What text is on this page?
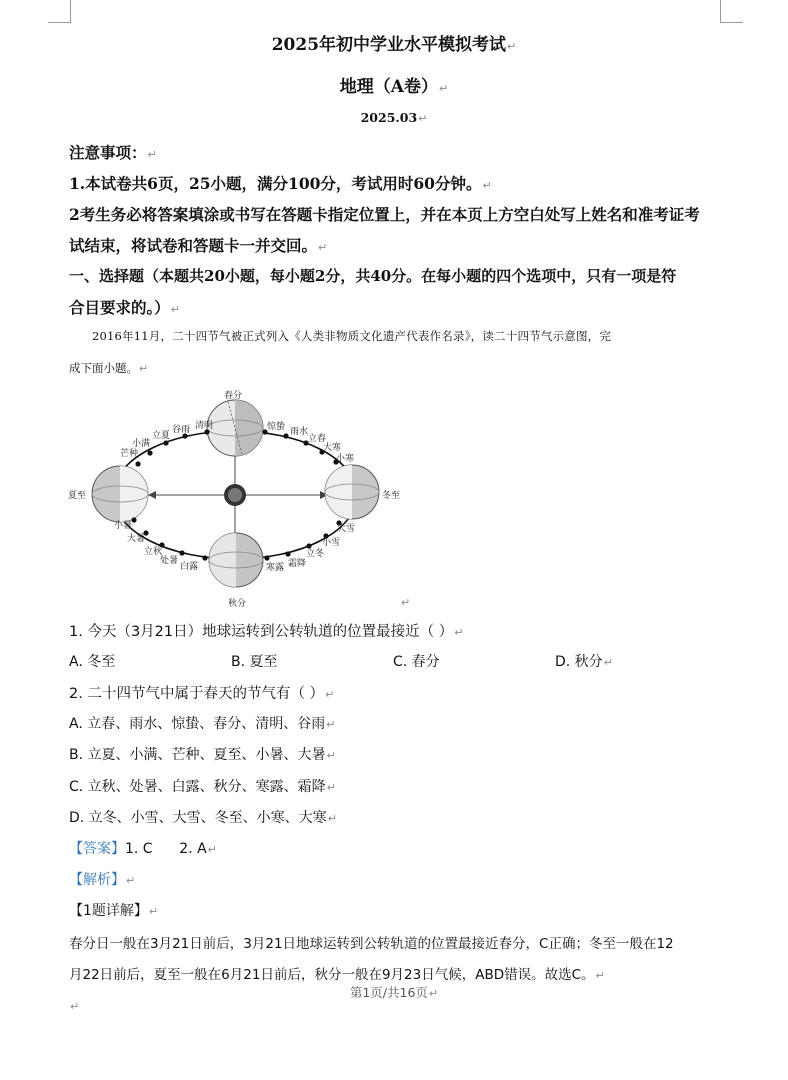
2025年初中学业水平模拟考试↵
地理（A卷）↵
2025.03↵
注意事项：↵
1.本试卷共6页，25小题，满分100分，考试用时60分钟。↵
2考生务必将答案填涂或书写在答题卡指定位置上，并在本页上方空白处写上姓名和准考证考
试结束，将试卷和答题卡一并交回。↵
一、选择题（本题共20小题，每小题2分，共40分。在每小题的四个选项中，只有一项是符
合目要求的。）↵
2016年11月，二十四节气被正式列入《人类非物质文化遗产代表作名录》，读二十四节气示意图，完
成下面小题。↵
春分
秋分
夏至	冬至
清明
谷雨
立夏
小满
芒种
惊蛰 雨水
立春
大寒
小寒
小暑
大暑
立秋
处暑
白露	寒露 霜降
立冬
小雪
大雪
↵
1. 今天（3月21日）地球运转到公转轨道的位置最接近（ ）↵
A. 冬至	B. 夏至	C. 春分	D. 秋分↵
2. 二十四节气中属于春天的节气有（ ）↵
A. 立春、雨水、惊蛰、春分、清明、谷雨↵
B. 立夏、小满、芒种、夏至、小暑、大暑↵
C. 立秋、处暑、白露、秋分、寒露、霜降↵
D. 立冬、小雪、大雪、冬至、小寒、大寒↵
【答案】1. C      2. A↵
【解析】↵
【1题详解】↵
春分日一般在3月21日前后，3月21日地球运转到公转轨道的位置最接近春分，C正确；冬至一般在12
月22日前后，夏至一般在6月21日前后，秋分一般在9月23日气候，ABD错误。故选C。↵
第1页/共16页↵
↵
